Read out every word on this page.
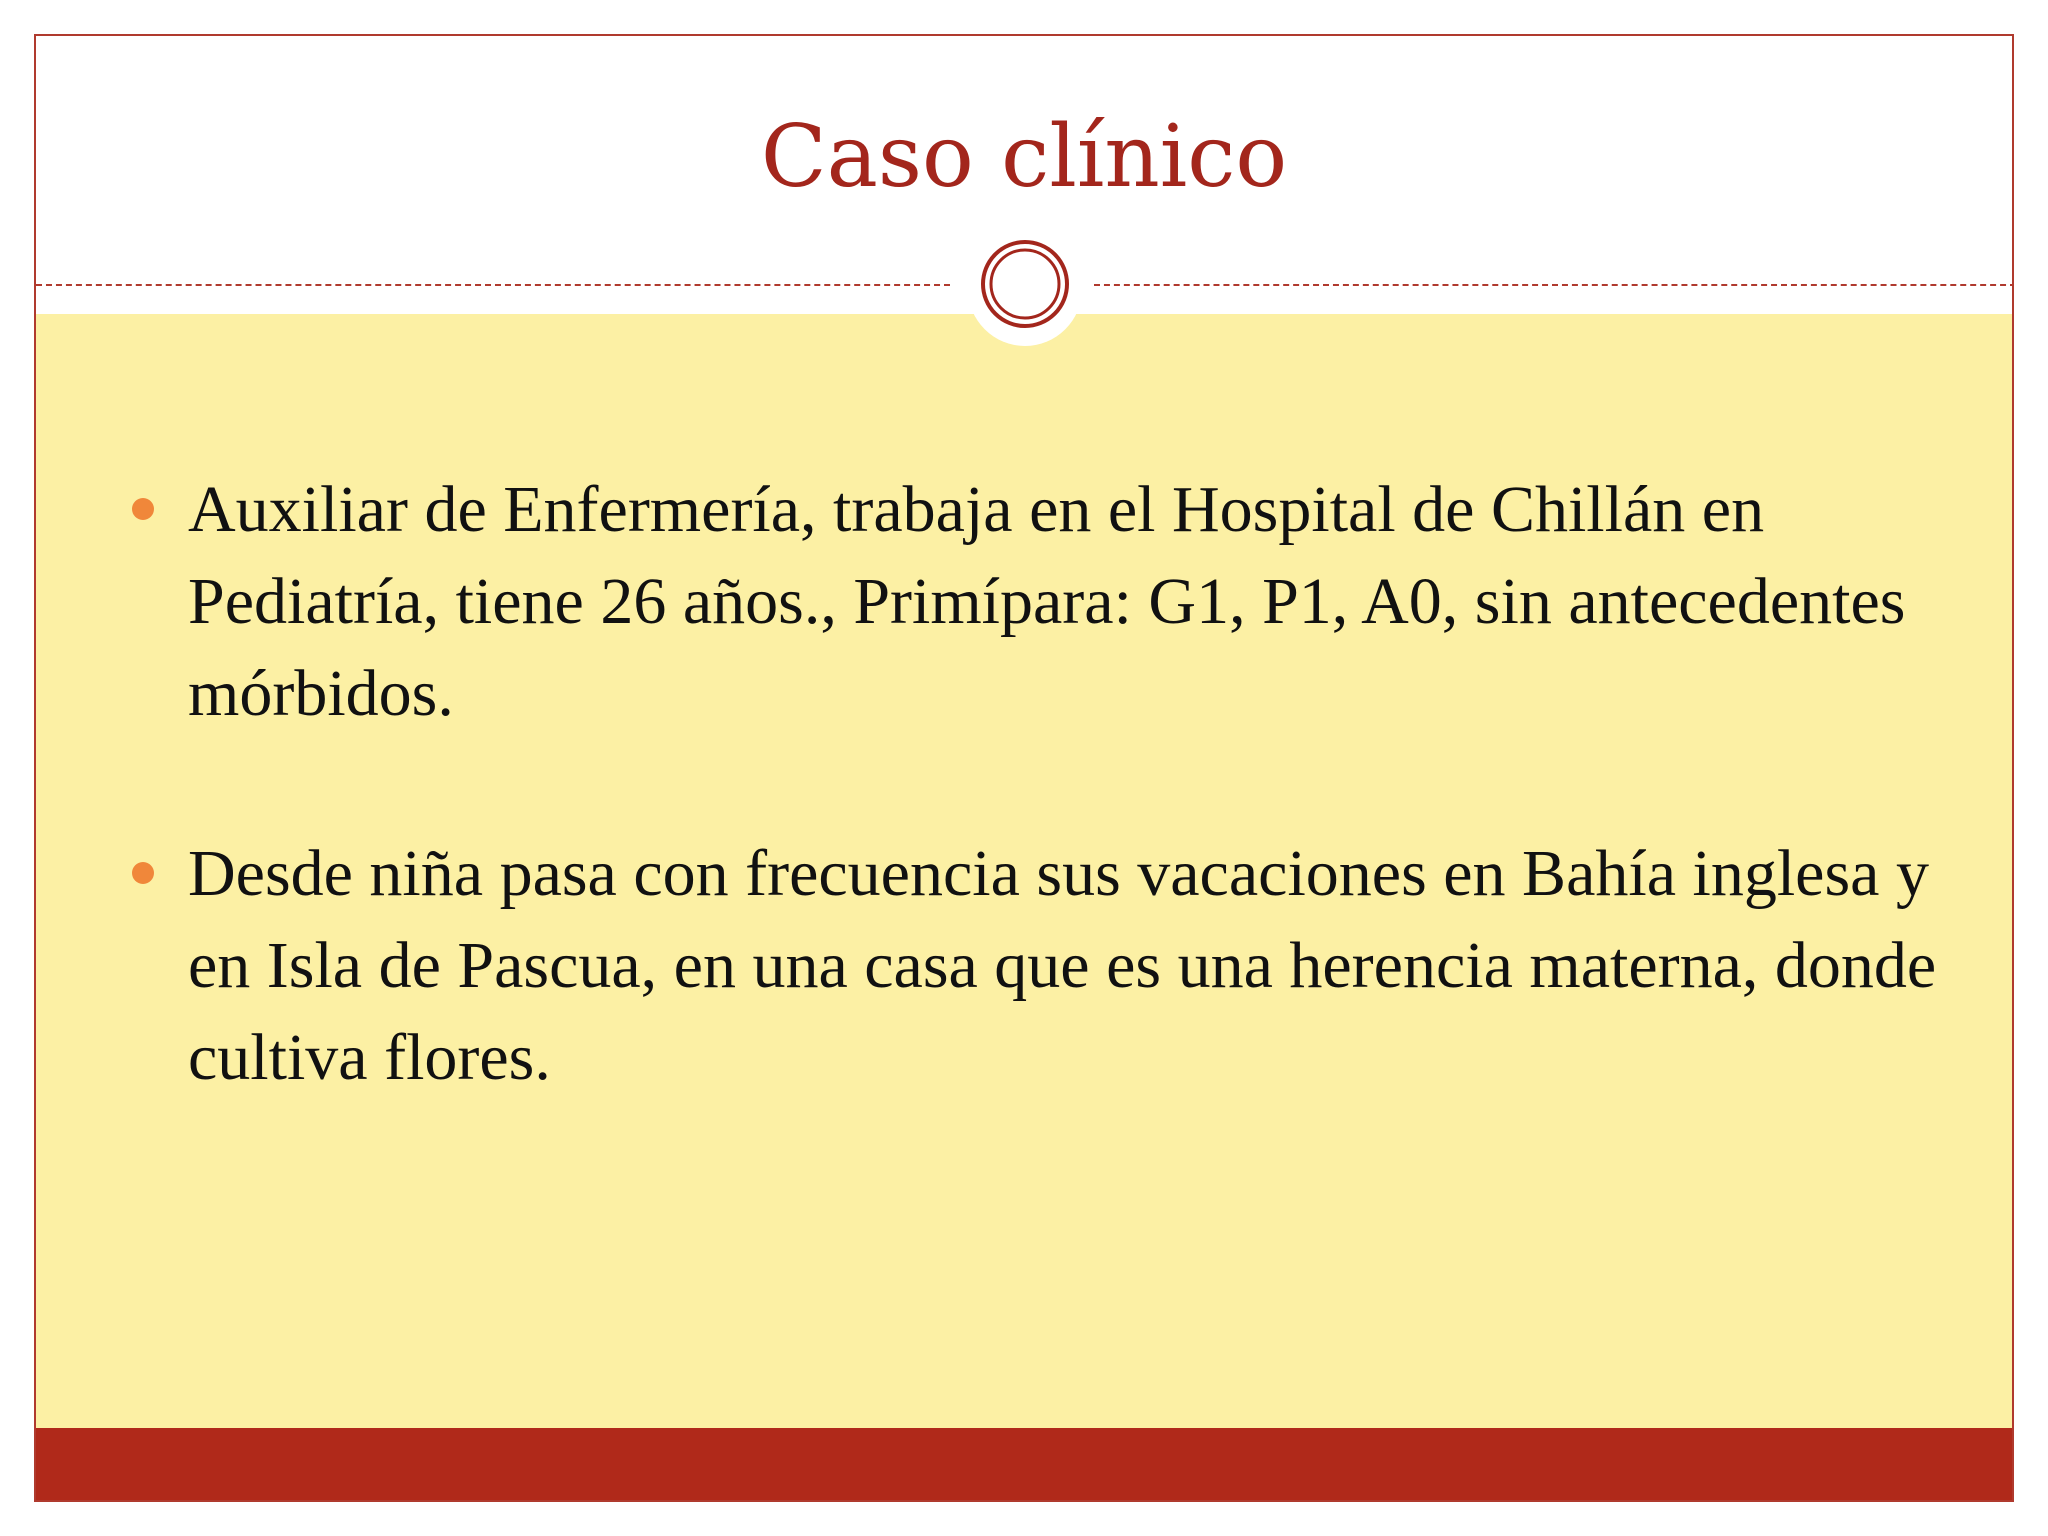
Caso clínico
Auxiliar de Enfermería, trabaja en el Hospital de Chillán en Pediatría, tiene 26 años., Primípara: G1, P1, A0, sin antecedentes mórbidos.
Desde niña pasa con frecuencia sus vacaciones en Bahía inglesa y  en Isla de Pascua, en una casa que es una herencia materna, donde cultiva flores.
